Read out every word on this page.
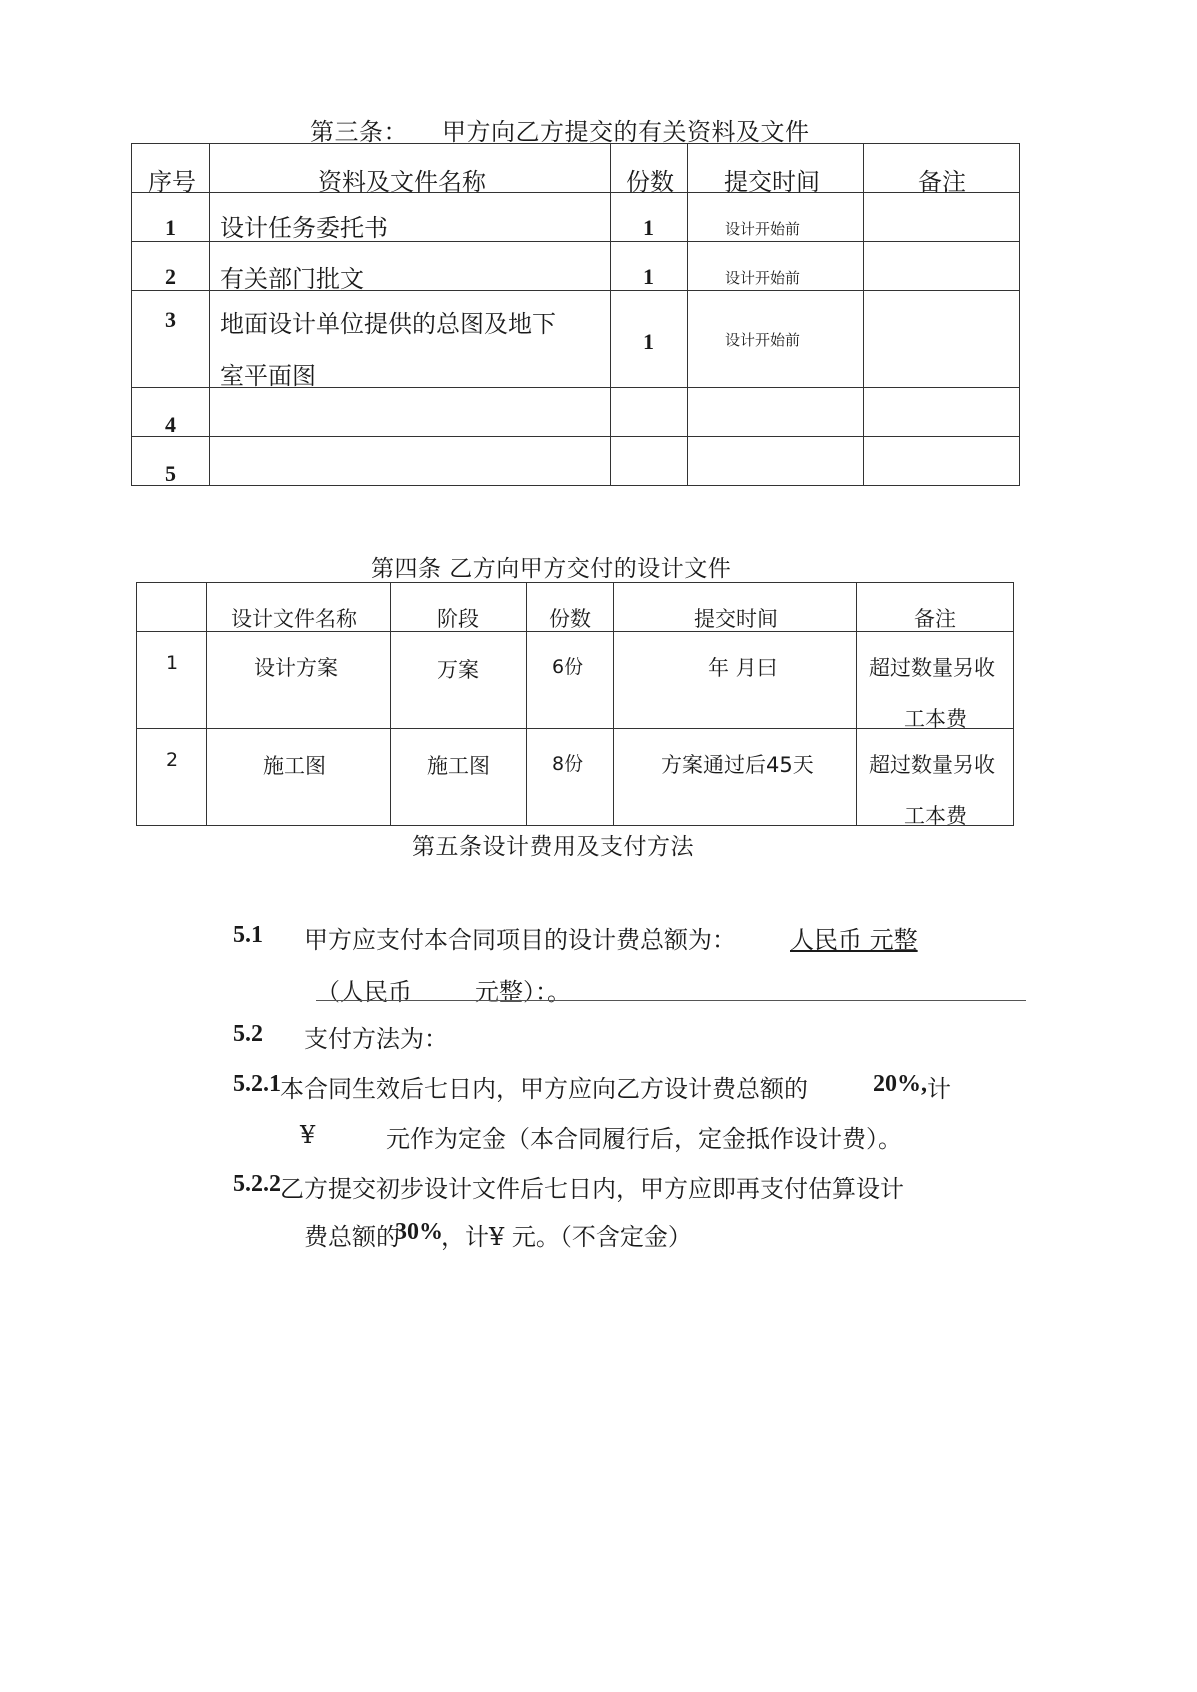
第三条： 甲方向乙方提交的有关资料及文件
序号	资料及文件名称	份数	提交时间	备注

1	设计任务委托书	1	设计开始前	

2	有关部门批文	1	设计开始前	

3	地面设计单位提供的总图及地下
室平面图	1	设计开始前	

4				

5				

第四条 乙方向甲方交付的设计文件

	设计文件名称	阶段	份数	提交时间	备注

1	设计方案	万案	6份	年 月曰	超过数量另收
工本费

2	施工图	施工图	8份	方案通过后45天	超过数量另收
工本费
第五条设计费用及支付方法
5.1 甲方应支付本合同项目的设计费总额为： 人民币 元整
（人民币	元整）：。
5.2 支付方法为：
5.2.1 本合同生效后七日内，甲方应向乙方设计费总额的	20%, 计
¥	元作为定金（本合同履行后，定金抵作设计费）。
5.2.2 乙方提交初步设计文件后七日内，甲方应即再支付估算设计
费总额的
30%
，计¥ 元。（不含定金）
